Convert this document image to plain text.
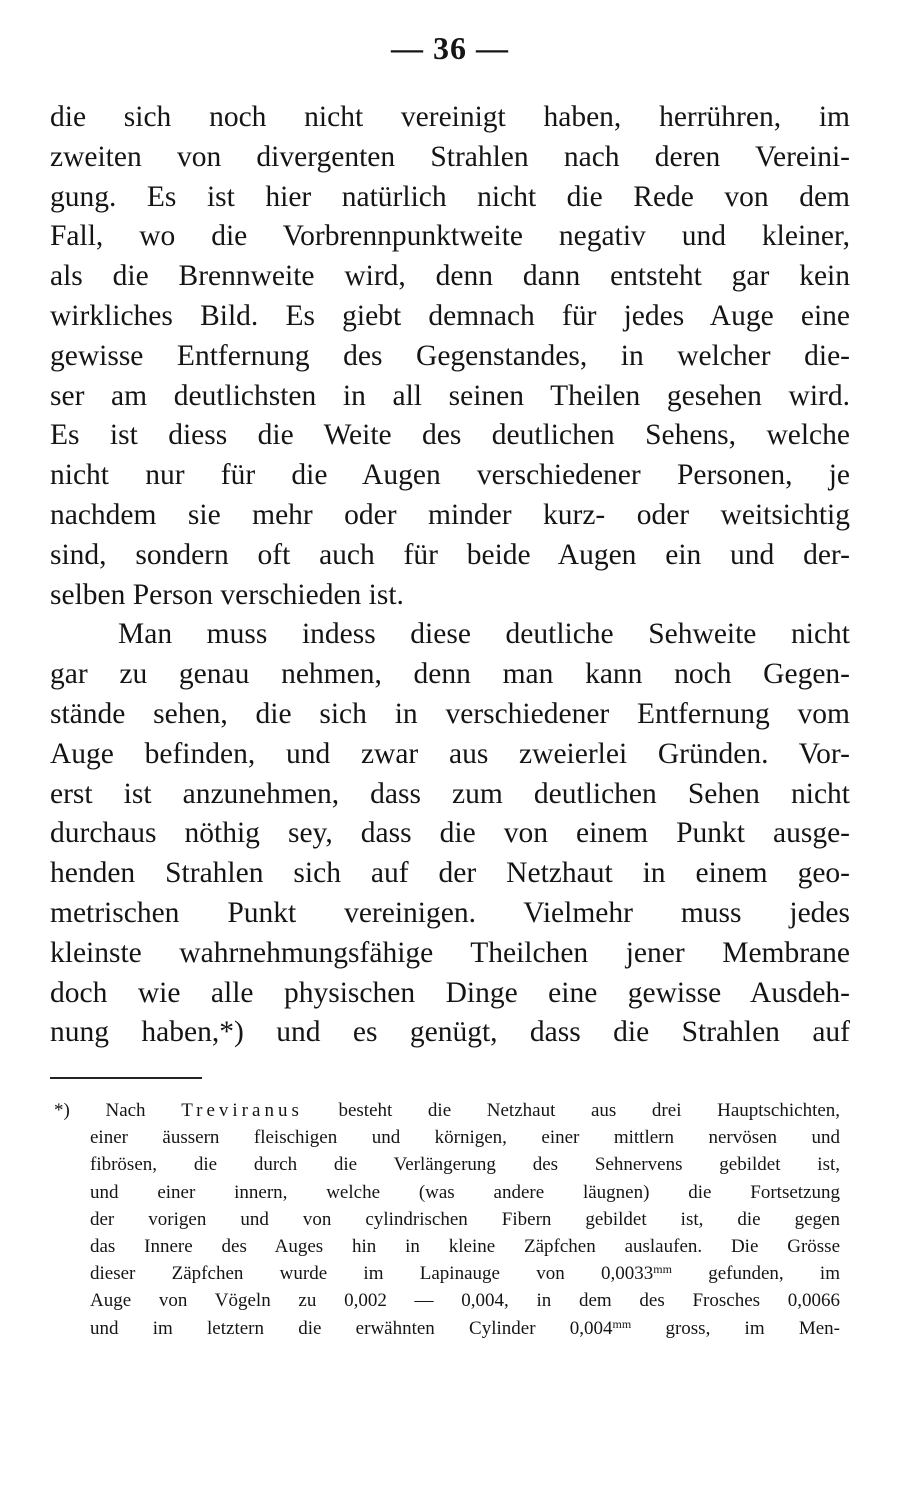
— 36 —
die sich noch nicht vereinigt haben, herrühren, im
zweiten von divergenten Strahlen nach deren Vereini-
gung. Es ist hier natürlich nicht die Rede von dem
Fall, wo die Vorbrennpunktweite negativ und kleiner,
als die Brennweite wird, denn dann entsteht gar kein
wirkliches Bild. Es giebt demnach für jedes Auge eine
gewisse Entfernung des Gegenstandes, in welcher die-
ser am deutlichsten in all seinen Theilen gesehen wird.
Es ist diess die Weite des deutlichen Sehens, welche
nicht nur für die Augen verschiedener Personen, je
nachdem sie mehr oder minder kurz- oder weitsichtig
sind, sondern oft auch für beide Augen ein und der-
selben Person verschieden ist.
Man muss indess diese deutliche Sehweite nicht
gar zu genau nehmen, denn man kann noch Gegen-
stände sehen, die sich in verschiedener Entfernung vom
Auge befinden, und zwar aus zweierlei Gründen. Vor-
erst ist anzunehmen, dass zum deutlichen Sehen nicht
durchaus nöthig sey, dass die von einem Punkt ausge-
henden Strahlen sich auf der Netzhaut in einem geo-
metrischen Punkt vereinigen. Vielmehr muss jedes
kleinste wahrnehmungsfähige Theilchen jener Membrane
doch wie alle physischen Dinge eine gewisse Ausdeh-
nung haben,*) und es genügt, dass die Strahlen auf
*) Nach Treviranus besteht die Netzhaut aus drei Hauptschichten,
einer äussern fleischigen und körnigen, einer mittlern nervösen und
fibrösen, die durch die Verlängerung des Sehnervens gebildet ist,
und einer innern, welche (was andere läugnen) die Fortsetzung
der vorigen und von cylindrischen Fibern gebildet ist, die gegen
das Innere des Auges hin in kleine Zäpfchen auslaufen. Die Grösse
dieser Zäpfchen wurde im Lapinauge von $0,0033^{mm}$ gefunden, im
Auge von Vögeln zu 0,002 — 0,004, in dem des Frosches 0,0066
und im letztern die erwähnten Cylinder $0,004^{mm}$ gross, im Men-
